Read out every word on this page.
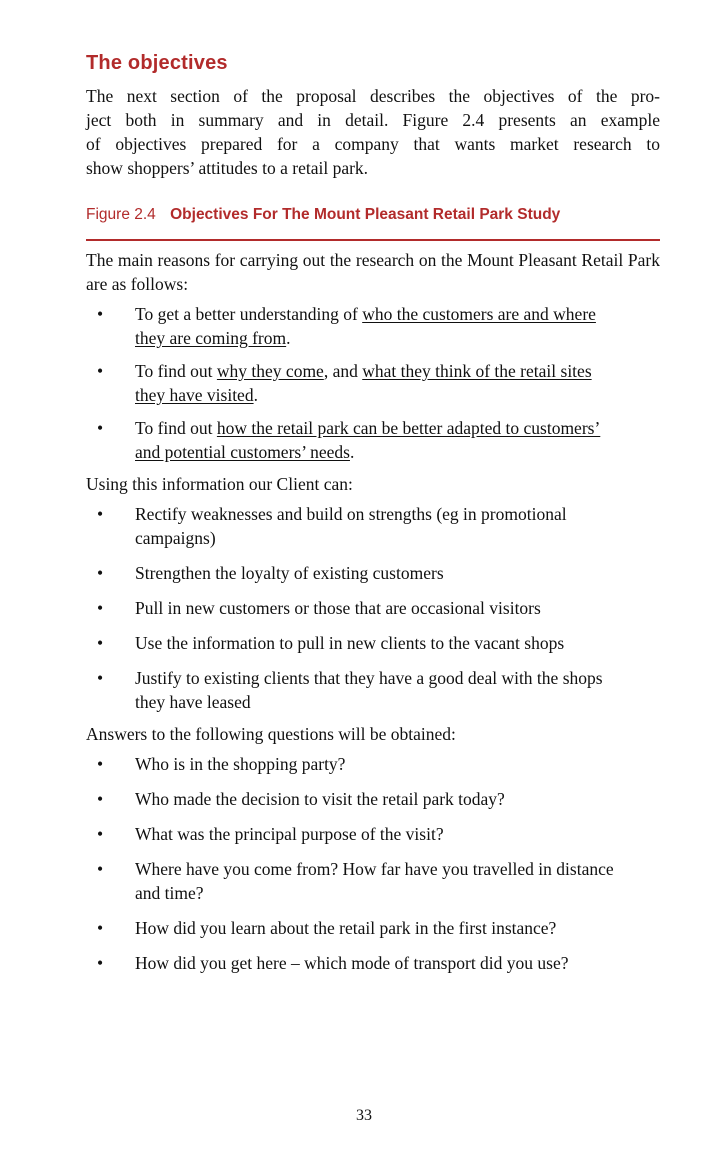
The objectives

The next section of the proposal describes the objectives of the pro-
ject both in summary and in detail. Figure 2.4 presents an example
of objectives prepared for a company that wants market research to
show shoppers’ attitudes to a retail park.

Figure 2.4 Objectives For The Mount Pleasant Retail Park Study

The main reasons for carrying out the research on the Mount Pleasant Retail Park are as follows:

• To get a better understanding of who the customers are and where they are coming from.
• To find out why they come, and what they think of the retail sites they have visited.
• To find out how the retail park can be better adapted to customers’ and potential customers’ needs.

Using this information our Client can:

• Rectify weaknesses and build on strengths (eg in promotional campaigns)
• Strengthen the loyalty of existing customers
• Pull in new customers or those that are occasional visitors
• Use the information to pull in new clients to the vacant shops
• Justify to existing clients that they have a good deal with the shops they have leased

Answers to the following questions will be obtained:

• Who is in the shopping party?
• Who made the decision to visit the retail park today?
• What was the principal purpose of the visit?
• Where have you come from? How far have you travelled in distance and time?
• How did you learn about the retail park in the first instance?
• How did you get here – which mode of transport did you use?
33
